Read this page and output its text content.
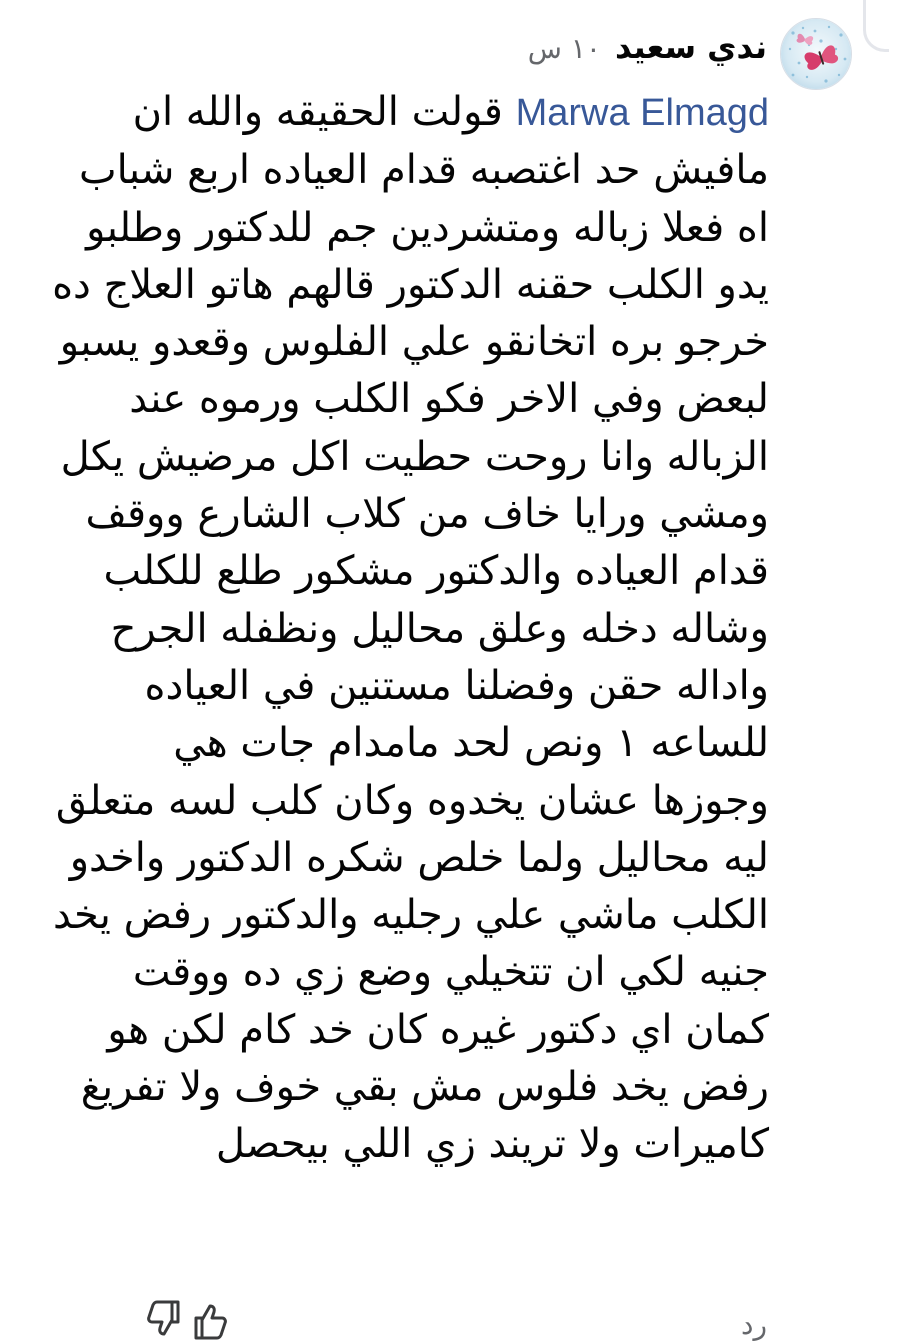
ندي سعيد
١٠ س
Marwa Elmagd قولت الحقيقه والله ان مافيش حد اغتصبه قدام العياده اربع شباب اه فعلا زباله ومتشردين جم للدكتور وطلبو يدو الكلب حقنه الدكتور قالهم هاتو العلاج ده خرجو بره اتخانقو علي الفلوس وقعدو يسبو لبعض وفي الاخر فكو الكلب ورموه عند الزباله وانا روحت حطيت اكل مرضيش يكل ومشي ورايا خاف من كلاب الشارع ووقف قدام العياده والدكتور مشكور طلع للكلب وشاله دخله وعلق محاليل ونظفله الجرح واداله حقن وفضلنا مستنين في العياده للساعه ١ ونص لحد مامدام جات هي وجوزها عشان يخدوه وكان كلب لسه متعلق ليه محاليل ولما خلص شكره الدكتور واخدو الكلب ماشي علي رجليه والدكتور رفض يخد جنيه لكي ان تتخيلي وضع زي ده ووقت كمان اي دكتور غيره كان خد كام لكن هو رفض يخد فلوس مش بقي خوف ولا تفريغ كاميرات ولا تريند زي اللي بيحصل
رد
